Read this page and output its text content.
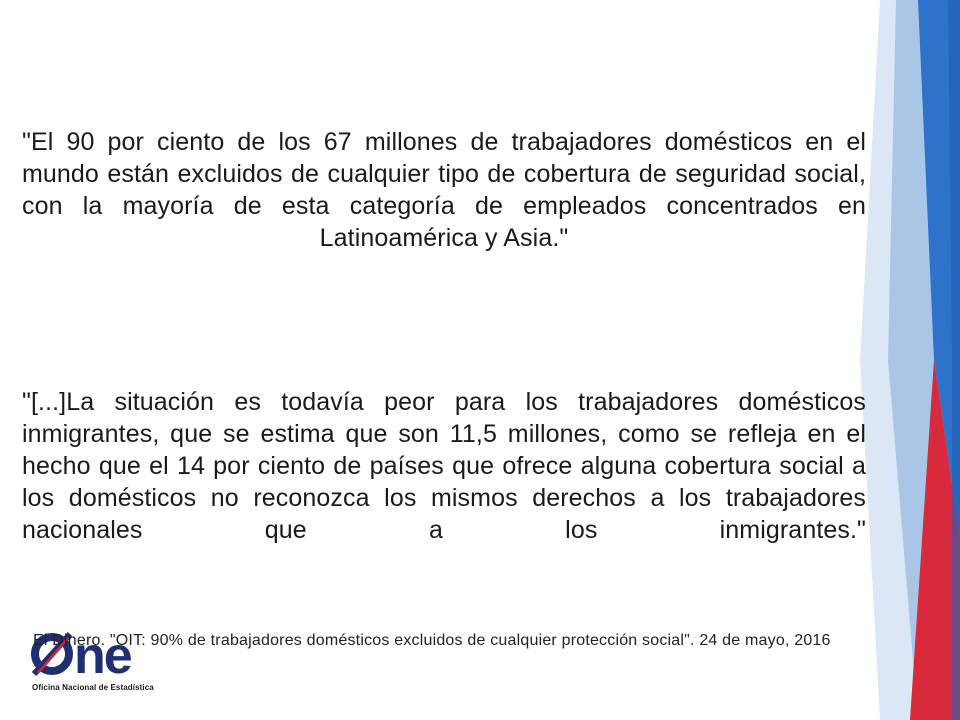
"El 90 por ciento de los 67 millones de trabajadores domésticos en el mundo están excluidos de cualquier tipo de cobertura de seguridad social, con la mayoría de esta categoría de empleados concentrados en Latinoamérica y Asia."

"[...]La situación es todavía peor para los trabajadores domésticos inmigrantes, que se estima que son 11,5 millones, como se refleja en el hecho que el 14 por ciento de países que ofrece alguna cobertura social a los domésticos no reconozca los mismos derechos a los trabajadores nacionales que a los inmigrantes."

ne
Oficina Nacional de Estadística

El Dinero. "OIT: 90% de trabajadores domésticos excluidos de cualquier protección social". 24 de mayo, 2016
